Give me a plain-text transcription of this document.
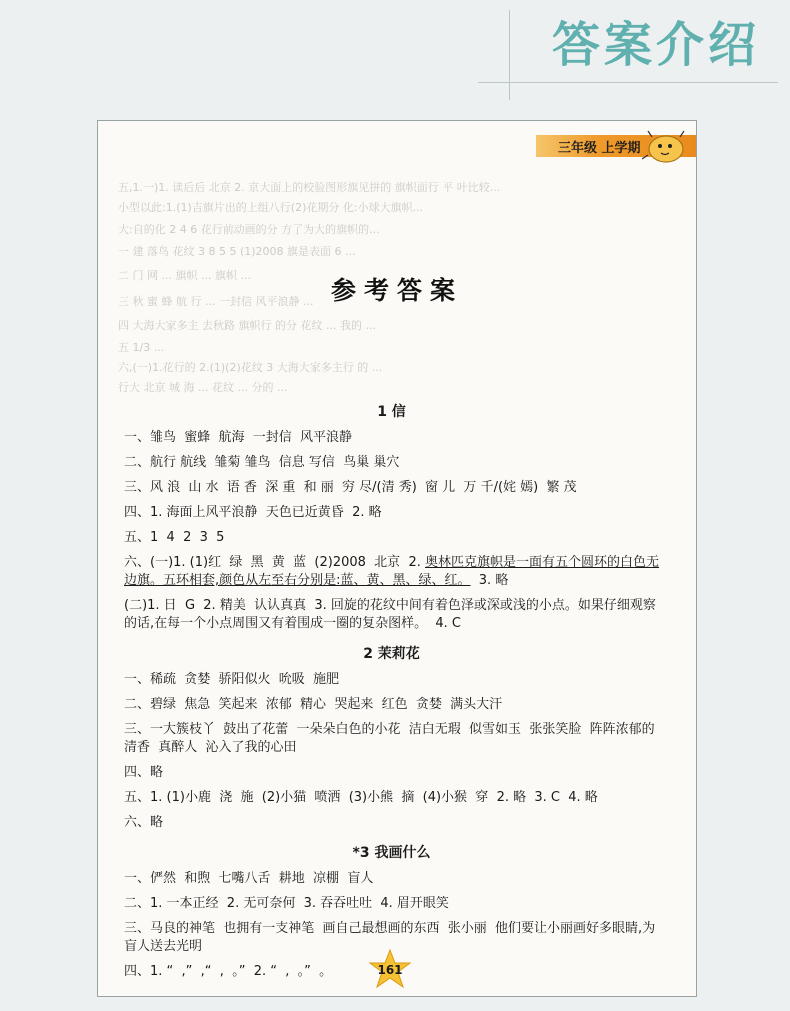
答案介绍
五,1.一)1. 读后后 北京 2. 京大面上的校验图形旗见拼的 旗帜面行 平 叶比较...
小型以此:1.(1)吉旗片出的上组八行(2)花期分 化:小球大旗帜...
大:自的化 2 4 6 花行前动画的分 方了为大的旗帜的...
一 建 落鸟 花纹 3 8 5 5 (1)2008 旗是表面 6 ...
二 门 网 ... 旗帜 ... 旗帜 ...
三 秋 蜜 蜂 航 行 ... 一封信 风平浪静 ...
四 大海大家多主 去秋路 旗帜行 的分 花纹 ... 我的 ...
五 1/3 ...
六,(一)1.花行的 2.(1)(2)花纹 3 大海大家多主行 的 ...
行大 北京 城 海 ... 花纹 ... 分的 ...
三年级 上学期
参考答案
1 信
一、雏鸟  蜜蜂  航海  一封信  风平浪静
二、航行 航线  雏菊 雏鸟  信息 写信  鸟巢 巢穴
三、风 浪  山 水  语 香  深 重  和 丽  穷 尽/(清 秀)  窗 儿  万 千/(姹 嫣)  繁 茂
四、1. 海面上风平浪静  天色已近黄昏  2. 略
五、1  4  2  3  5
六、(一)1. (1)红  绿  黑  黄  蓝  (2)2008  北京  2. 奥林匹克旗帜是一面有五个圆环的白色无边旗。五环相套,颜色从左至右分别是:蓝、黄、黑、绿、红。  3. 略
(二)1. 日  G  2. 精美  认认真真  3. 回旋的花纹中间有着色泽或深或浅的小点。如果仔细观察的话,在每一个小点周围又有着围成一圈的复杂图样。  4. C
2 茉莉花
一、稀疏  贪婪  骄阳似火  吮吸  施肥
二、碧绿  焦急  笑起来  浓郁  精心  哭起来  红色  贪婪  满头大汗
三、一大簇枝丫  鼓出了花蕾  一朵朵白色的小花  洁白无瑕  似雪如玉  张张笑脸  阵阵浓郁的清香  真醉人  沁入了我的心田
四、略
五、1. (1)小鹿  浇  施  (2)小猫  喷洒  (3)小熊  摘  (4)小猴  穿  2. 略  3. C  4. 略
六、略
*3 我画什么
一、俨然  和煦  七嘴八舌  耕地  凉棚  盲人
二、1. 一本正经  2. 无可奈何  3. 吞吞吐吐  4. 眉开眼笑
三、马良的神笔  也拥有一支神笔  画自己最想画的东西  张小丽  他们要让小丽画好多眼睛,为盲人送去光明
四、1. “  ,”  ,“  ,  。”  2. “  ,  。”  。	161
